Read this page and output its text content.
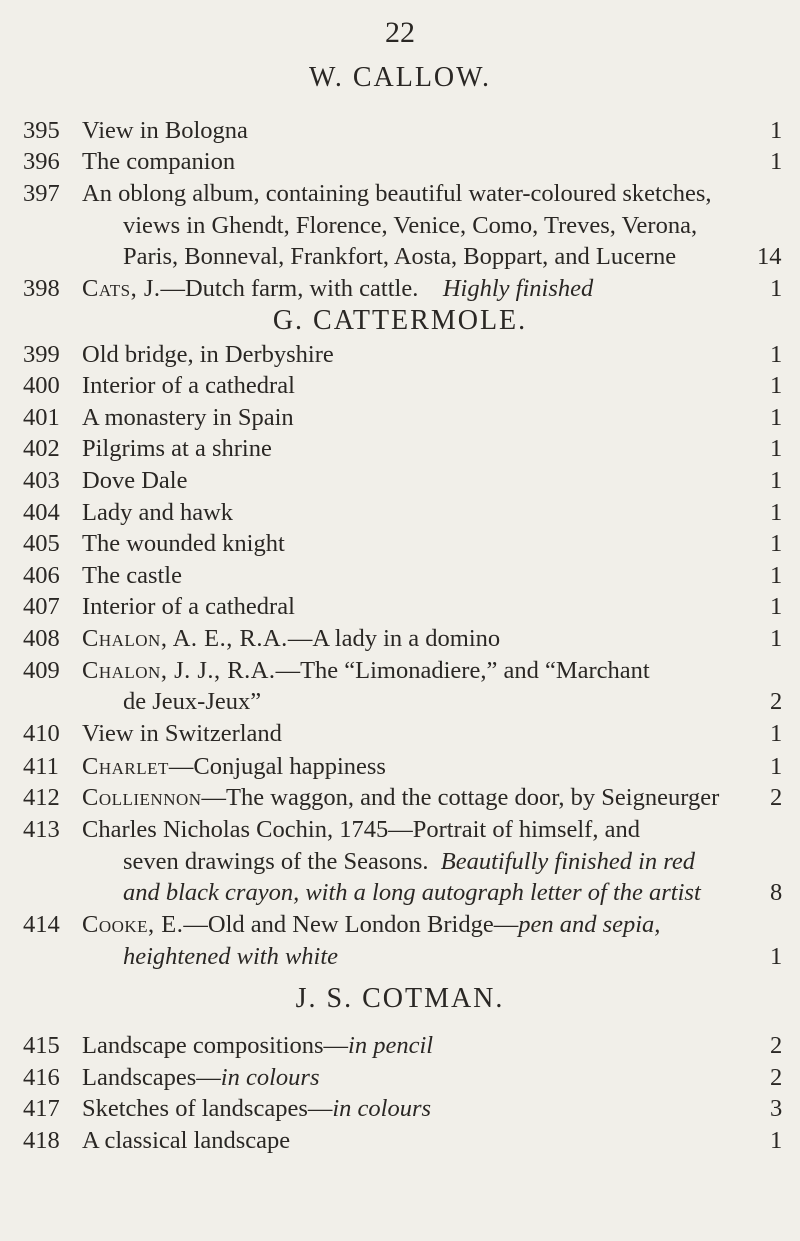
22
W. CALLOW.
395 View in Bologna	1
396 The companion	1
397 An oblong album, containing beautiful water-coloured sketches,
views in Ghendt, Florence, Venice, Como, Treves, Verona,
Paris, Bonneval, Frankfort, Aosta, Boppart, and Lucerne	14
398 Cats, J.—Dutch farm, with cattle. Highly finished	1
G. CATTERMOLE.
399 Old bridge, in Derbyshire	1
400 Interior of a cathedral	1
401 A monastery in Spain	1
402 Pilgrims at a shrine	1
403 Dove Dale	1
404 Lady and hawk	1
405 The wounded knight	1
406 The castle	1
407 Interior of a cathedral	1
408 Chalon, A. E., R.A.—A lady in a domino	1
409 Chalon, J. J., R.A.—The “Limonadiere,” and “Marchant
de Jeux-Jeux”	2
410 View in Switzerland	1
411 Charlet—Conjugal happiness	1
412 Colliennon—The waggon, and the cottage door, by Seigneurger 2
413 Charles Nicholas Cochin, 1745—Portrait of himself, and
seven drawings of the Seasons. Beautifully finished in red
and black crayon, with a long autograph letter of the artist	8
414 Cooke, E.—Old and New London Bridge—pen and sepia,
heightened with white	1
J. S. COTMAN.
415 Landscape compositions—in pencil	2
416 Landscapes—in colours	2
417 Sketches of landscapes—in colours	3
418 A classical landscape	1
